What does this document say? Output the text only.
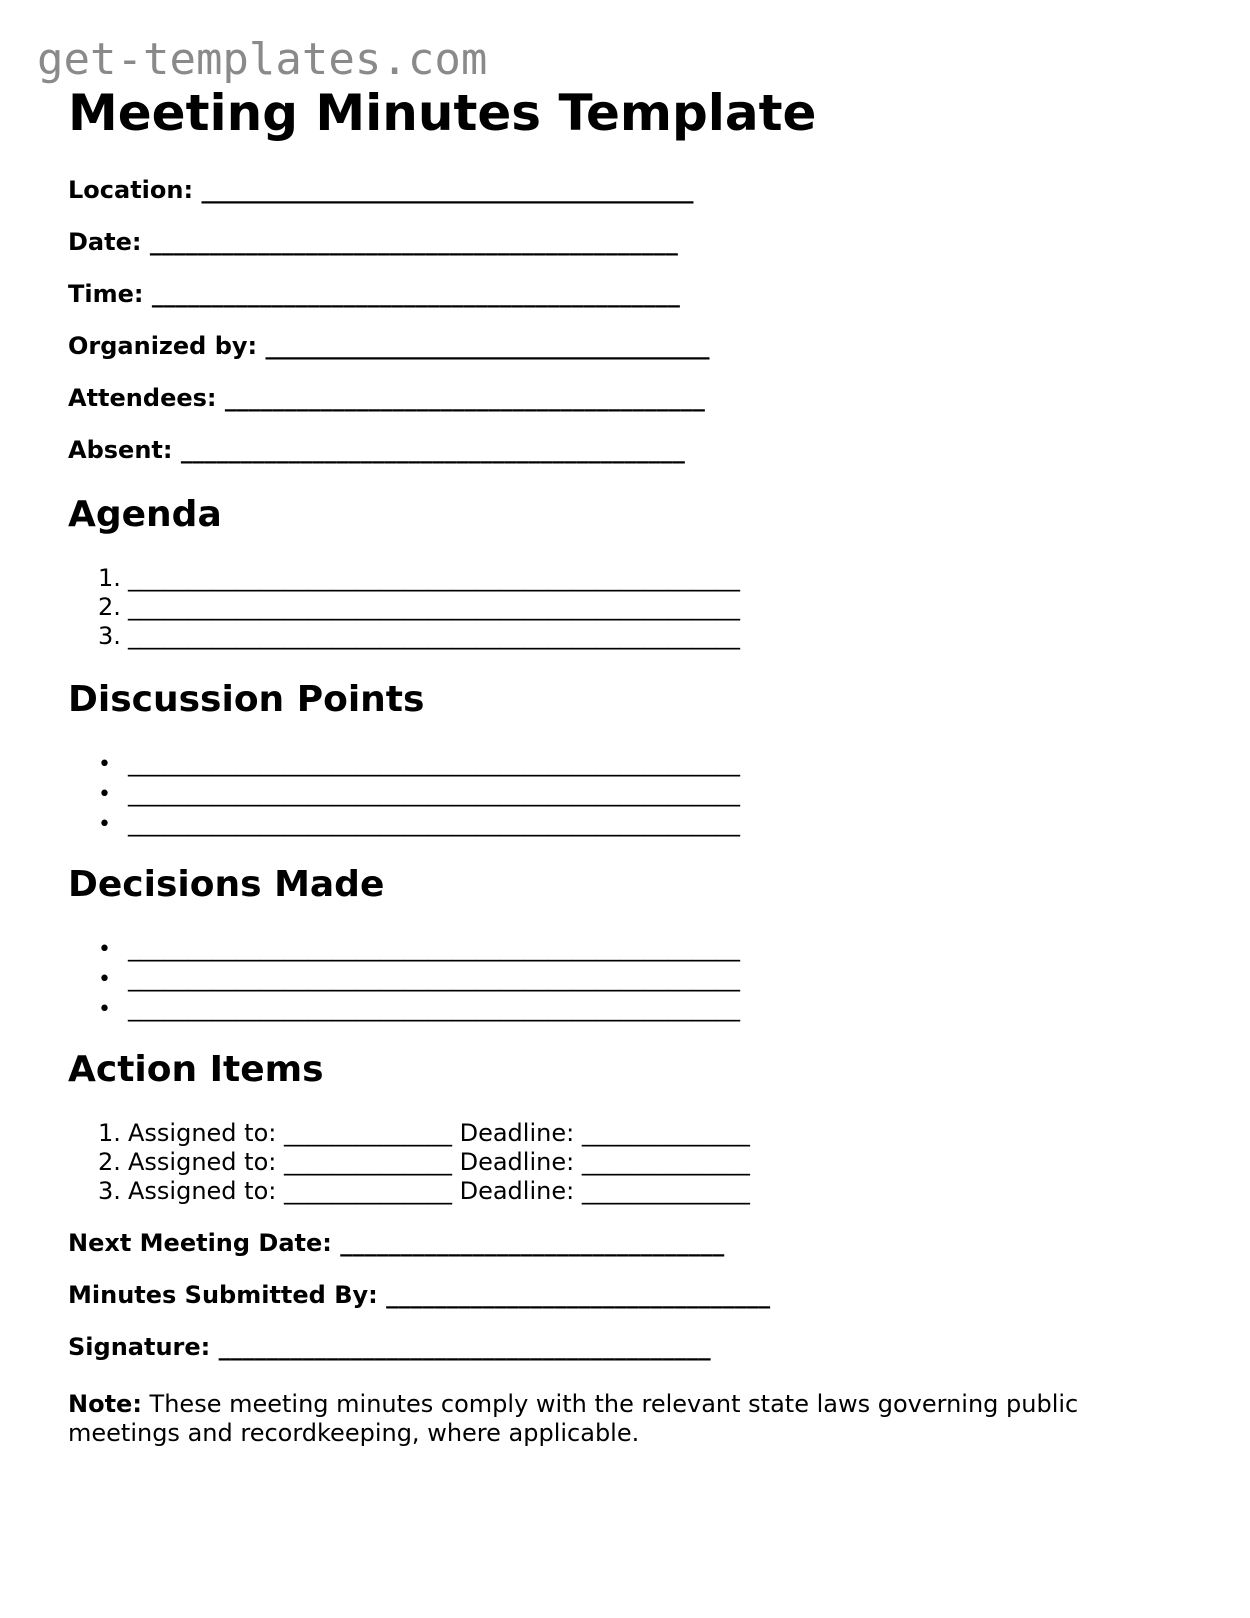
get-templates.com
Meeting Minutes Template
Location: _________________________________________
Date: ____________________________________________
Time: ____________________________________________
Organized by: _____________________________________
Attendees: ________________________________________
Absent: __________________________________________
Agenda
1. ___________________________________________________
2. ___________________________________________________
3. ___________________________________________________
Discussion Points
• ___________________________________________________
• ___________________________________________________
• ___________________________________________________
Decisions Made
• ___________________________________________________
• ___________________________________________________
• ___________________________________________________
Action Items
1. Assigned to: ______________ Deadline: ______________
2. Assigned to: ______________ Deadline: ______________
3. Assigned to: ______________ Deadline: ______________
Next Meeting Date: ________________________________
Minutes Submitted By: ________________________________
Signature: _________________________________________

Note: These meeting minutes comply with the relevant state laws governing public meetings and recordkeeping, where applicable.
